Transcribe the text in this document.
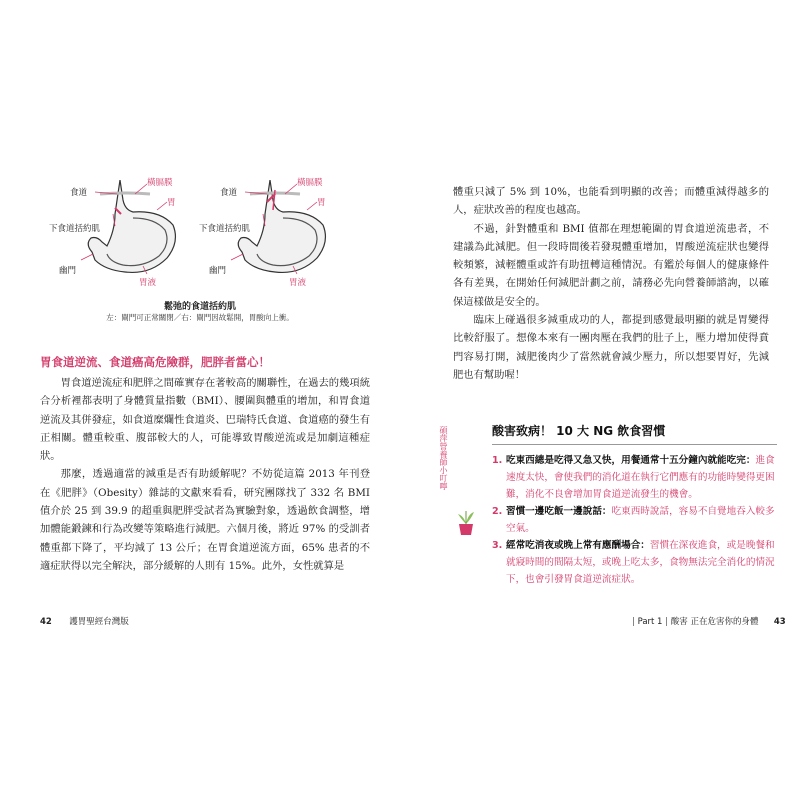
食道
橫膈膜
胃
下食道括約肌
幽門
胃液
食道
橫膈膜
胃
下食道括約肌
幽門
胃液
鬆弛的食道括約肌
左：閘門可正常關閉／右：閘門因故鬆開，胃酸向上衝。
胃食道逆流、食道癌高危險群，肥胖者當心！

胃食道逆流症和肥胖之間確實存在著較高的關聯性，在過去的幾項統合分析裡都表明了身體質量指數（BMI）、腰圍與體重的增加，和胃食道逆流及其併發症，如食道糜爛性食道炎、巴瑞特氏食道、食道癌的發生有正相關。體重較重、腹部較大的人，可能導致胃酸逆流或是加劇這種症狀。

那麼，透過適當的減重是否有助緩解呢？不妨從這篇 2013 年刊登在《肥胖》（Obesity）雜誌的文獻來看看，研究團隊找了 332 名 BMI 值介於 25 到 39.9 的超重與肥胖受試者為實驗對象，透過飲食調整，增加體能鍛鍊和行為改變等策略進行減肥。六個月後，將近 97% 的受訓者體重都下降了，平均減了 13 公斤；在胃食道逆流方面，65% 患者的不適症狀得以完全解決，部分緩解的人則有 15%。此外，女性就算是

42 護胃聖經台灣版

體重只減了 5% 到 10%，也能看到明顯的改善；而體重減得越多的人，症狀改善的程度也越高。

不過，針對體重和 BMI 值都在理想範圍的胃食道逆流患者，不建議為此減肥。但一段時間後若發現體重增加，胃酸逆流症狀也變得較頻繁，減輕體重或許有助扭轉這種情況。有鑑於每個人的健康條件各有差異，在開始任何減肥計劃之前，請務必先向營養師諮詢，以確保這樣做是安全的。

臨床上碰過很多減重成功的人，都提到感覺最明顯的就是胃變得比較舒服了。想像本來有一團肉壓在我們的肚子上，壓力增加使得賁門容易打開，減肥後肉少了當然就會減少壓力，所以想要胃好，先減肥也有幫助喔！

碩萍營養師小叮嚀	酸害致病！ 10 大 NG 飲食習慣

1. 吃東西總是吃得又急又快，用餐通常十五分鐘內就能吃完：進食速度太快，會使我們的消化道在執行它們應有的功能時變得更困難，消化不良會增加胃食道逆流發生的機會。

2. 習慣一邊吃飯一邊說話：吃東西時說話，容易不自覺地吞入較多空氣。

3. 經常吃消夜或晚上常有應酬場合：習慣在深夜進食，或是晚餐和就寢時間的間隔太短，或晚上吃太多，食物無法完全消化的情況下，也會引發胃食道逆流症狀。

| Part 1 | 酸害 正在危害你的身體 43
